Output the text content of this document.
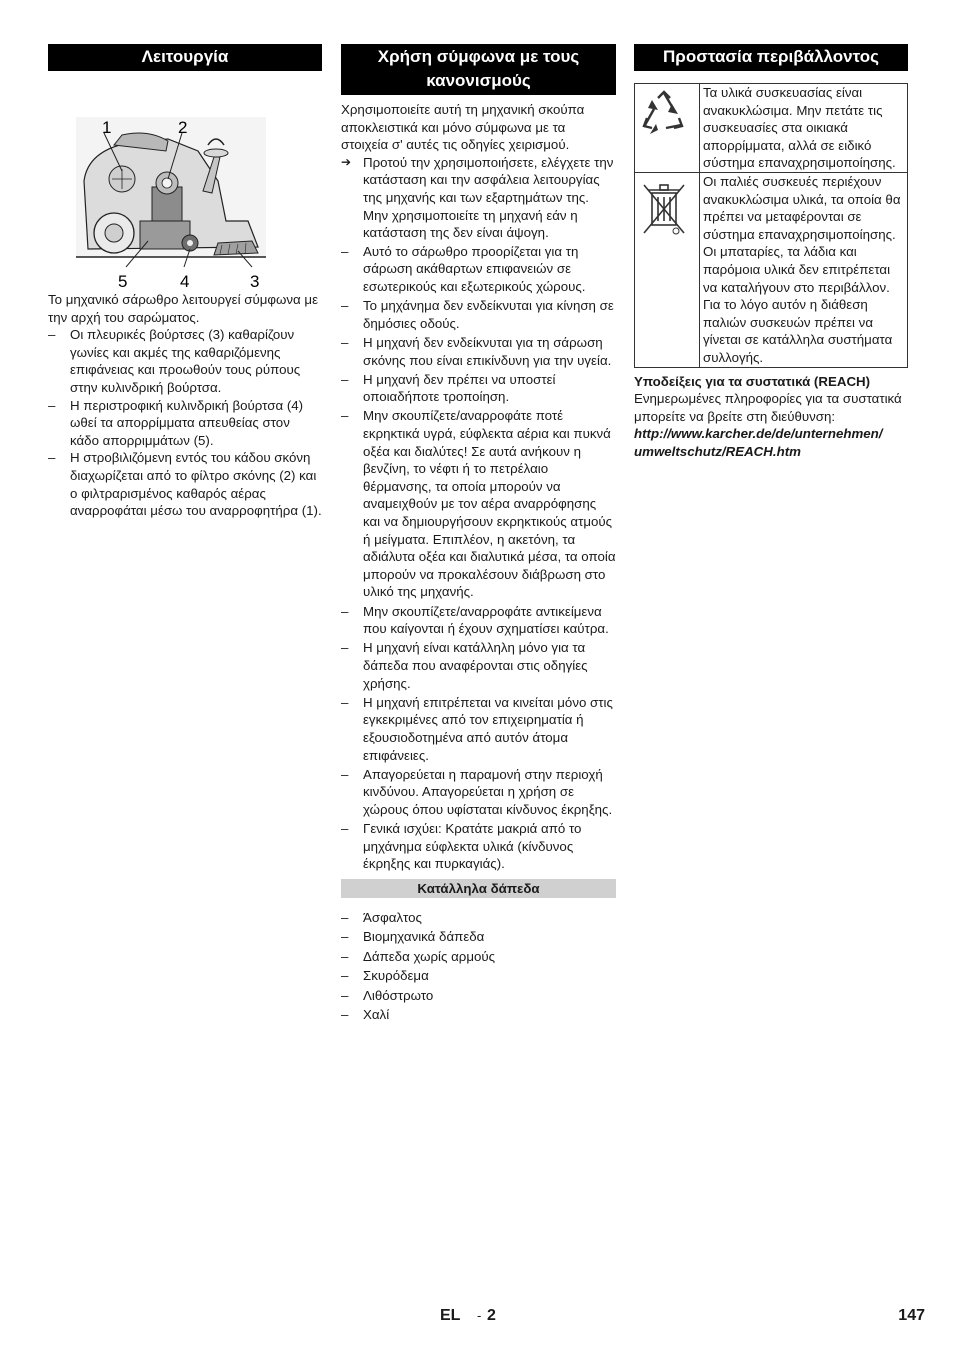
Λειτουργία
1	2
5	4	3

Το μηχανικό σάρωθρο λειτουργεί σύμφωνα με την αρχή του σαρώματος.

– Οι πλευρικές βούρτσες (3) καθαρίζουν γωνίες και ακμές της καθαριζόμενης επιφάνειας και προωθούν τους ρύπους στην κυλινδρική βούρτσα.
– Η περιστροφική κυλινδρική βούρτσα (4) ωθεί τα απορρίμματα απευθείας στον κάδο απορριμμάτων (5).
– Η στροβιλιζόμενη εντός του κάδου σκόνη διαχωρίζεται από το φίλτρο σκόνης (2) και ο φιλτραρισμένος καθαρός αέρας αναρροφάται μέσω του αναρροφητήρα (1).
Χρήση σύμφωνα με τους κανονισμούς

Χρησιμοποιείτε αυτή τη μηχανική σκούπα αποκλειστικά και μόνο σύμφωνα με τα στοιχεία σ' αυτές τις οδηγίες χειρισμού.

➔ Προτού την χρησιμοποιήσετε, ελέγχετε την κατάσταση και την ασφάλεια λειτουργίας της μηχανής και των εξαρτημάτων της. Μην χρησιμοποιείτε τη μηχανή εάν η κατάσταση της δεν είναι άψογη.
– Αυτό το σάρωθρο προορίζεται για τη σάρωση ακάθαρτων επιφανειών σε εσωτερικούς και εξωτερικούς χώρους.
– Το μηχάνημα δεν ενδείκνυται για κίνηση σε δημόσιες οδούς.
– Η μηχανή δεν ενδείκνυται για τη σάρωση σκόνης που είναι επικίνδυνη για την υγεία.
– Η μηχανή δεν πρέπει να υποστεί οποιαδήποτε τροποίηση.
– Μην σκουπίζετε/αναρροφάτε ποτέ εκρηκτικά υγρά, εύφλεκτα αέρια και πυκνά οξέα και διαλύτες! Σε αυτά ανήκουν η βενζίνη, το νέφτι ή το πετρέλαιο θέρμανσης, τα οποία μπορούν να αναμειχθούν με τον αέρα αναρρόφησης και να δημιουργήσουν εκρηκτικούς ατμούς ή μείγματα. Επιπλέον, η ακετόνη, τα αδιάλυτα οξέα και διαλυτικά μέσα, τα οποία μπορούν να προκαλέσουν διάβρωση στο υλικό της μηχανής.
– Μην σκουπίζετε/αναρροφάτε αντικείμενα που καίγονται ή έχουν σχηματίσει καύτρα.
– Η μηχανή είναι κατάλληλη μόνο για τα δάπεδα που αναφέρονται στις οδηγίες χρήσης.
– Η μηχανή επιτρέπεται να κινείται μόνο στις εγκεκριμένες από τον επιχειρηματία ή εξουσιοδοτημένα από αυτόν άτομα επιφάνειες.
– Απαγορεύεται η παραμονή στην περιοχή κινδύνου. Απαγορεύεται η χρήση σε χώρους όπου υφίσταται κίνδυνος έκρηξης.
– Γενικά ισχύει: Κρατάτε μακριά από το μηχάνημα εύφλεκτα υλικά (κίνδυνος έκρηξης και πυρκαγιάς).
Κατάλληλα δάπεδα
– Άσφαλτος
– Βιομηχανικά δάπεδα
– Δάπεδα χωρίς αρμούς
– Σκυρόδεμα
– Λιθόστρωτο
– Χαλί
Προστασία περιβάλλοντος
	Τα υλικά συσκευασίας είναι ανακυκλώσιμα. Μην πετάτε τις συσκευασίες στα οικιακά απορρίμματα, αλλά σε ειδικό σύστημα επαναχρησιμοποίησης.
	Οι παλιές συσκευές περιέχουν ανακυκλώσιμα υλικά, τα οποία θα πρέπει να μεταφέρονται σε σύστημα επαναχρησιμοποίησης. Οι μπαταρίες, τα λάδια και παρόμοια υλικά δεν επιτρέπεται να καταλήγουν στο περιβάλλον. Για το λόγο αυτόν η διάθεση παλιών συσκευών πρέπει να γίνεται σε κατάλληλα συστήματα συλλογής.

Υποδείξεις για τα συστατικά (REACH)

Ενημερωμένες πληροφορίες για τα συστατικά μπορείτε να βρείτε στη διεύθυνση:

http://www.karcher.de/de/unternehmen/
umweltschutz/REACH.htm

EL - 2	147
